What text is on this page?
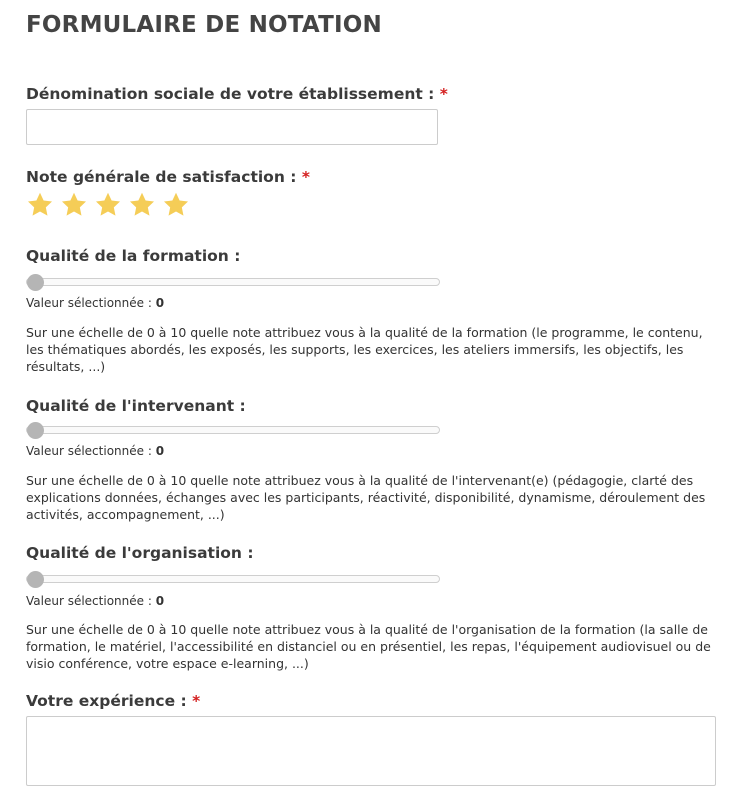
FORMULAIRE DE NOTATION
Dénomination sociale de votre établissement : *
Note générale de satisfaction : *
Qualité de la formation :
Valeur sélectionnée : 0

Sur une échelle de 0 à 10 quelle note attribuez vous à la qualité de la formation (le programme, le contenu, les thématiques abordés, les exposés, les supports, les exercices, les ateliers immersifs, les objectifs, les résultats, ...)

Qualité de l'intervenant :
Valeur sélectionnée : 0

Sur une échelle de 0 à 10 quelle note attribuez vous à la qualité de l'intervenant(e) (pédagogie, clarté des explications données, échanges avec les participants, réactivité, disponibilité, dynamisme, déroulement des activités, accompagnement, ...)

Qualité de l'organisation :
Valeur sélectionnée : 0

Sur une échelle de 0 à 10 quelle note attribuez vous à la qualité de l'organisation de la formation (la salle de formation, le matériel, l'accessibilité en distanciel ou en présentiel, les repas, l'équipement audiovisuel ou de visio conférence, votre espace e-learning, ...)

Votre expérience : *
